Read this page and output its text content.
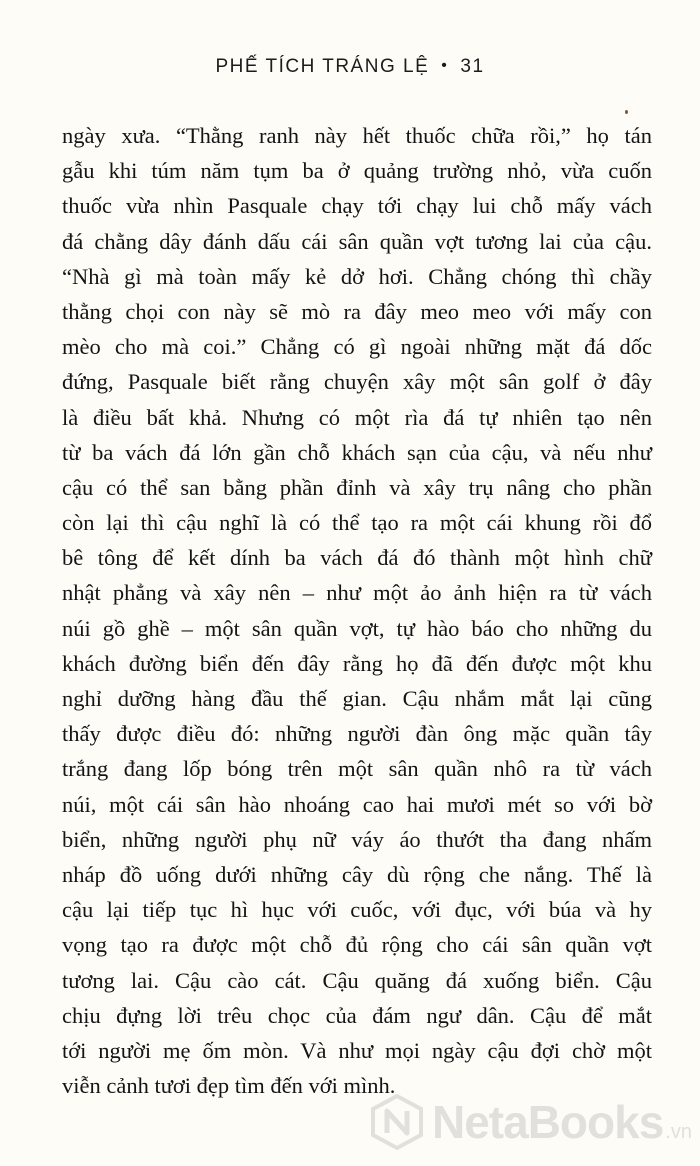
PHẾ TÍCH TRÁNG LỆ • 31
ngày xưa. “Thằng ranh này hết thuốc chữa rồi,” họ tán
gẫu khi túm năm tụm ba ở quảng trường nhỏ, vừa cuốn
thuốc vừa nhìn Pasquale chạy tới chạy lui chỗ mấy vách
đá chằng dây đánh dấu cái sân quần vợt tương lai của cậu.
“Nhà gì mà toàn mấy kẻ dở hơi. Chẳng chóng thì chầy
thằng chọi con này sẽ mò ra đây meo meo với mấy con
mèo cho mà coi.” Chẳng có gì ngoài những mặt đá dốc
đứng, Pasquale biết rằng chuyện xây một sân golf ở đây
là điều bất khả. Nhưng có một rìa đá tự nhiên tạo nên
từ ba vách đá lớn gần chỗ khách sạn của cậu, và nếu như
cậu có thể san bằng phần đỉnh và xây trụ nâng cho phần
còn lại thì cậu nghĩ là có thể tạo ra một cái khung rồi đổ
bê tông để kết dính ba vách đá đó thành một hình chữ
nhật phẳng và xây nên – như một ảo ảnh hiện ra từ vách
núi gồ ghề – một sân quần vợt, tự hào báo cho những du
khách đường biển đến đây rằng họ đã đến được một khu
nghỉ dưỡng hàng đầu thế gian. Cậu nhắm mắt lại cũng
thấy được điều đó: những người đàn ông mặc quần tây
trắng đang lốp bóng trên một sân quần nhô ra từ vách
núi, một cái sân hào nhoáng cao hai mươi mét so với bờ
biển, những người phụ nữ váy áo thướt tha đang nhấm
nháp đồ uống dưới những cây dù rộng che nắng. Thế là
cậu lại tiếp tục hì hục với cuốc, với đục, với búa và hy
vọng tạo ra được một chỗ đủ rộng cho cái sân quần vợt
tương lai. Cậu cào cát. Cậu quăng đá xuống biển. Cậu
chịu đựng lời trêu chọc của đám ngư dân. Cậu để mắt
tới người mẹ ốm mòn. Và như mọi ngày cậu đợi chờ một
viễn cảnh tươi đẹp tìm đến với mình.
NetaBooks .vn
